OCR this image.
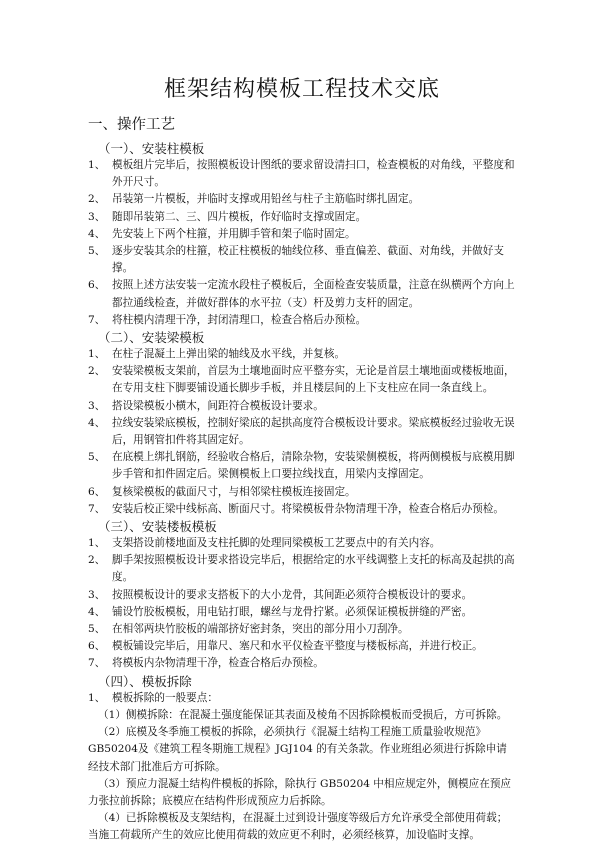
框架结构模板工程技术交底
一、操作工艺
（一）、安装柱模板
1、 模板组片完毕后，按照模板设计图纸的要求留设清扫口，检查模板的对角线，平整度和外开尺寸。
2、 吊装第一片模板，并临时支撑或用铅丝与柱子主筋临时绑扎固定。
3、 随即吊装第二、三、四片模板，作好临时支撑或固定。
4、 先安装上下两个柱箍，并用脚手管和架子临时固定。
5、 逐步安装其余的柱箍，校正柱模板的轴线位移、垂直偏差、截面、对角线，并做好支撑。
6、 按照上述方法安装一定流水段柱子模板后，全面检查安装质量，注意在纵横两个方向上都拉通线检查，并做好群体的水平拉（支）杆及剪力支杆的固定。
7、 将柱模内清理干净，封闭清理口，检查合格后办预检。
（二）、安装梁模板
1、 在柱子混凝土上弹出梁的轴线及水平线，并复核。
2、 安装梁模板支架前，首层为土壤地面时应平整夯实，无论是首层土壤地面或楼板地面，在专用支柱下脚要铺设通长脚步手板，并且楼层间的上下支柱应在同一条直线上。
3、 搭设梁模板小横木，间距符合模板设计要求。
4、 拉线安装梁底模板，控制好梁底的起拱高度符合模板设计要求。梁底模板经过验收无误后，用钢管扣件将其固定好。
5、 在底模上绑扎钢筋，经验收合格后，清除杂物，安装梁侧模板，将两侧模板与底模用脚步手管和扣件固定后。梁侧模板上口要拉线找直，用梁内支撑固定。
6、 复核梁模板的截面尺寸，与相邻梁柱模板连接固定。
7、 安装后校正梁中线标高、断面尺寸。将梁模板骨杂物清理干净，检查合格后办预检。
（三）、安装楼板模板
1、 支架搭设前楼地面及支柱托脚的处理同梁模板工艺要点中的有关内容。
2、 脚手架按照模板设计要求搭设完毕后，根据给定的水平线调整上支托的标高及起拱的高度。
3、 按照模板设计的要求支搭板下的大小龙骨，其间距必须符合模板设计的要求。
4、 铺设竹胶板模板，用电钻打眼，螺丝与龙骨拧紧。必须保证模板拼缝的严密。
5、 在相邻两块竹胶板的端部挤好密封条，突出的部分用小刀刮净。
6、 模板铺设完毕后，用靠尺、塞尺和水平仪检查平整度与楼板标高，并进行校正。
7、 将模板内杂物清理干净，检查合格后办预检。
（四）、模板拆除
1、 模板拆除的一般要点：
（1）侧模拆除：在混凝土强度能保证其表面及棱角不因拆除模板而受损后，方可拆除。
（2）底模及冬季施工模板的拆除，必须执行《混凝土结构工程施工质量验收规范》GB50204及《建筑工程冬期施工规程》JGJ104 的有关条款。作业班组必须进行拆除申请经技术部门批准后方可拆除。
（3）预应力混凝土结构件模板的拆除，除执行 GB50204 中相应规定外，侧模应在预应力张拉前拆除；底模应在结构件形成预应力后拆除。
（4）已拆除模板及支架结构，在混凝土过到设计强度等级后方允许承受全部使用荷载；当施工荷载所产生的效应比使用荷载的效应更不利时，必须经核算，加设临时支撑。
